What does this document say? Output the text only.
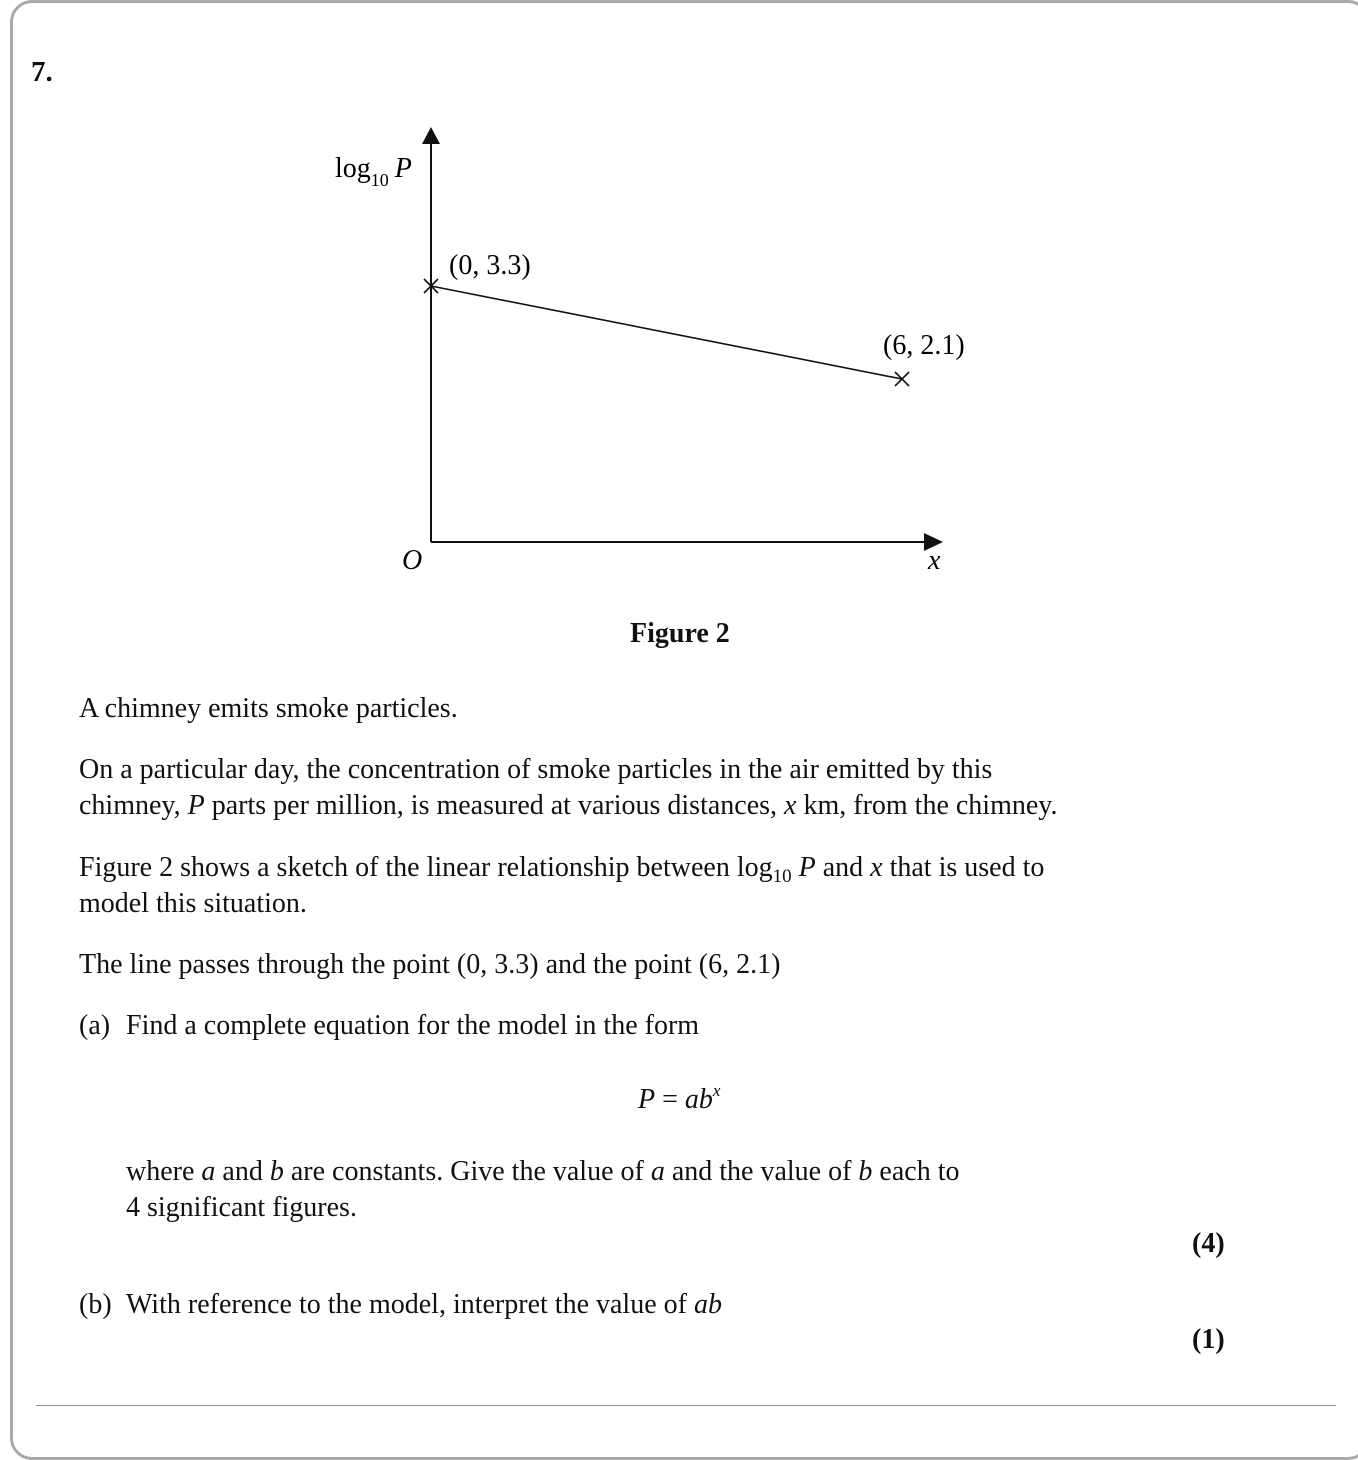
7.
$\log_{10} P$
(0, 3.3)
(6, 2.1)
O	x
Figure 2
A chimney emits smoke particles.
On a particular day, the concentration of smoke particles in the air emitted by this
chimney, P parts per million, is measured at various distances, x km, from the chimney.
Figure 2 shows a sketch of the linear relationship between $\log_{10} P$ and x that is used to
model this situation.
The line passes through the point (0, 3.3) and the point (6, 2.1)
(a) Find a complete equation for the model in the form
$P = ab^x$
where a and b are constants. Give the value of a and the value of b each to
4 significant figures.
(4)
(b) With reference to the model, interpret the value of ab
(1)
